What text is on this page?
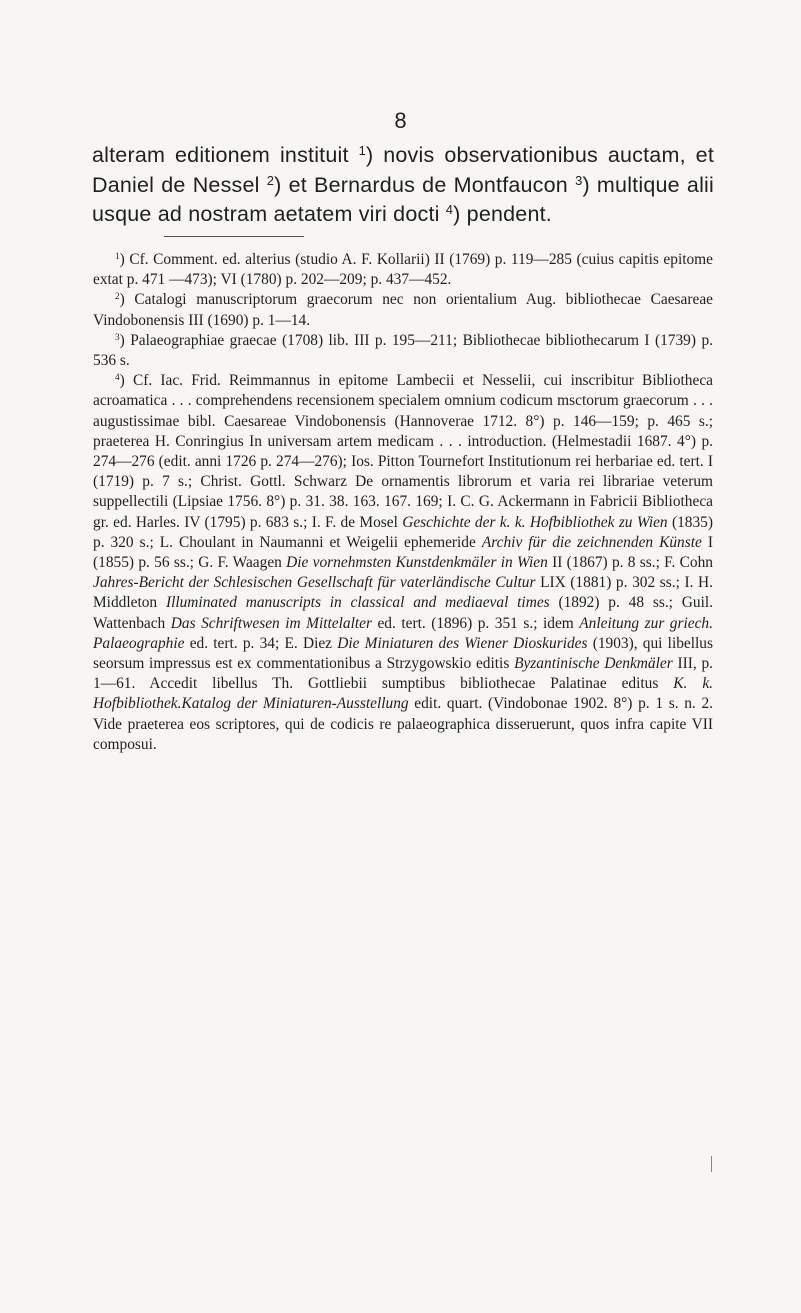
8

alteram editionem instituit $^1$) novis observationibus auctam, et Daniel de Nessel $^2$) et Bernardus de Montfaucon $^3$) multique alii usque ad nostram aetatem viri docti $^4$) pendent.

$^1$) Cf. Comment. ed. alterius (studio A. F. Kollarii) II (1769) p. 119—285 (cuius capitis epitome extat p. 471 —473); VI (1780) p. 202—209; p. 437—452.

$^2$) Catalogi manuscriptorum graecorum nec non orientalium Aug. bibliothecae Caesareae Vindobonensis III (1690) p. 1—14.

$^3$) Palaeographiae graecae (1708) lib. III p. 195—211; Bibliothecae bibliothecarum I (1739) p. 536 s.

$^4$) Cf. Iac. Frid. Reimmannus in epitome Lambecii et Nesselii, cui inscribitur Bibliotheca acroamatica . . . comprehendens recensionem specialem omnium codicum msctorum graecorum . . . augustissimae bibl. Caesareae Vindobonensis (Hannoverae 1712. 8°) p. 146—159; p. 465 s.; praeterea H. Conringius In universam artem medicam . . . introduction. (Helmestadii 1687. 4°) p. 274—276 (edit. anni 1726 p. 274—276); Ios. Pitton Tournefort Institutionum rei herbariae ed. tert. I (1719) p. 7 s.; Christ. Gottl. Schwarz De ornamentis librorum et varia rei librariae veterum suppellectili (Lipsiae 1756. 8°) p. 31. 38. 163. 167. 169; I. C. G. Ackermann in Fabricii Bibliotheca gr. ed. Harles. IV (1795) p. 683 s.; I. F. de Mosel Geschichte der k. k. Hofbibliothek zu Wien (1835) p. 320 s.; L. Choulant in Naumanni et Weigelii ephemeride Archiv für die zeichnenden Künste I (1855) p. 56 ss.; G. F. Waagen Die vornehmsten Kunstdenkmäler in Wien II (1867) p. 8 ss.; F. Cohn Jahres-Bericht der Schlesischen Gesellschaft für vaterländische Cultur LIX (1881) p. 302 ss.; I. H. Middleton Illuminated manuscripts in classical and mediaeval times (1892) p. 48 ss.; Guil. Wattenbach Das Schriftwesen im Mittelalter ed. tert. (1896) p. 351 s.; idem Anleitung zur griech. Palaeographie ed. tert. p. 34; E. Diez Die Miniaturen des Wiener Dioskurides (1903), qui libellus seorsum impressus est ex commentationibus a Strzygowskio editis Byzantinische Denkmäler III, p. 1—61. Accedit libellus Th. Gottliebii sumptibus bibliothecae Palatinae editus K. k. Hofbibliothek.Katalog der Miniaturen-Ausstellung edit. quart. (Vindobonae 1902. 8°) p. 1 s. n. 2. Vide praeterea eos scriptores, qui de codicis re palaeographica disseruerunt, quos infra capite VII composui.
